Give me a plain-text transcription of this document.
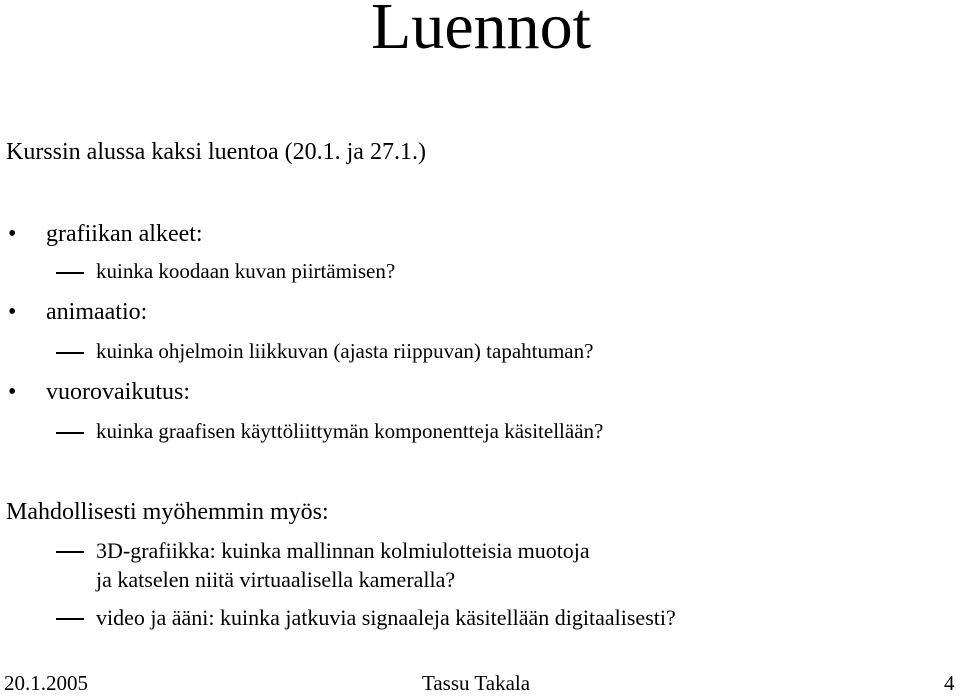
Luennot
Kurssin alussa kaksi luentoa (20.1. ja 27.1.)
• grafiikan alkeet:
kuinka koodaan kuvan piirtämisen?
• animaatio:
kuinka ohjelmoin liikkuvan (ajasta riippuvan) tapahtuman?
• vuorovaikutus:
kuinka graafisen käyttöliittymän komponentteja käsitellään?
Mahdollisesti myöhemmin myös:
3D-grafiikka: kuinka mallinnan kolmiulotteisia muotoja
ja katselen niitä virtuaalisella kameralla?
video ja ääni: kuinka jatkuvia signaaleja käsitellään digitaalisesti?
20.1.2005	Tassu Takala	4
